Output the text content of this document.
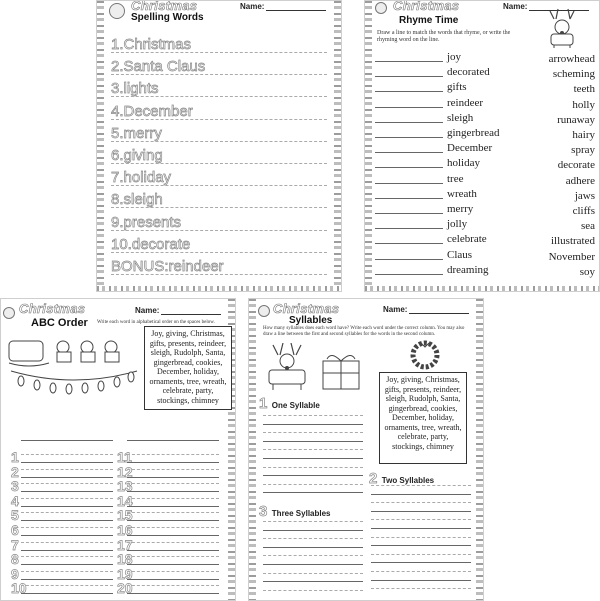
Christmas
Spelling Words
Name:
1.Christmas
2.Santa Claus
3.lights
4.December
5.merry
6.giving
7.holiday
8.sleigh
9.presents
10.decorate
BONUS:reindeer
Christmas
Rhyme Time
Name:
Draw a line to match the words that rhyme, or write the rhyming word on the line.
joy
decorated
gifts
reindeer
sleigh
gingerbread
December
holiday
tree
wreath
merry
jolly
celebrate
Claus
dreaming
arrowhead
scheming
teeth
holly
runaway
hairy
spray
decorate
adhere
jaws
cliffs
sea
illustrated
November
soy
Christmas
ABC Order
Name:
Write each word in alphabetical order on the spaces below.
Joy, giving, Christmas, gifts, presents, reindeer, sleigh, Rudolph, Santa, gingerbread, cookies, December, holiday, ornaments, tree, wreath, celebrate, party, stockings, chimney
1
2
3
4
5
6
7
8
9
10
11
12
13
14
15
16
17
18
19
20
Christmas
Syllables
Name:
How many syllables does each word have? Write each word under the correct column. You may also draw a line between the first and second syllables for the words in the second column.
Joy, giving, Christmas, gifts, presents, reindeer, sleigh, Rudolph, Santa, gingerbread, cookies, December, holiday, ornaments, tree, wreath, celebrate, party, stockings, chimney
1 One Syllable
2 Two Syllables
3 Three Syllables
